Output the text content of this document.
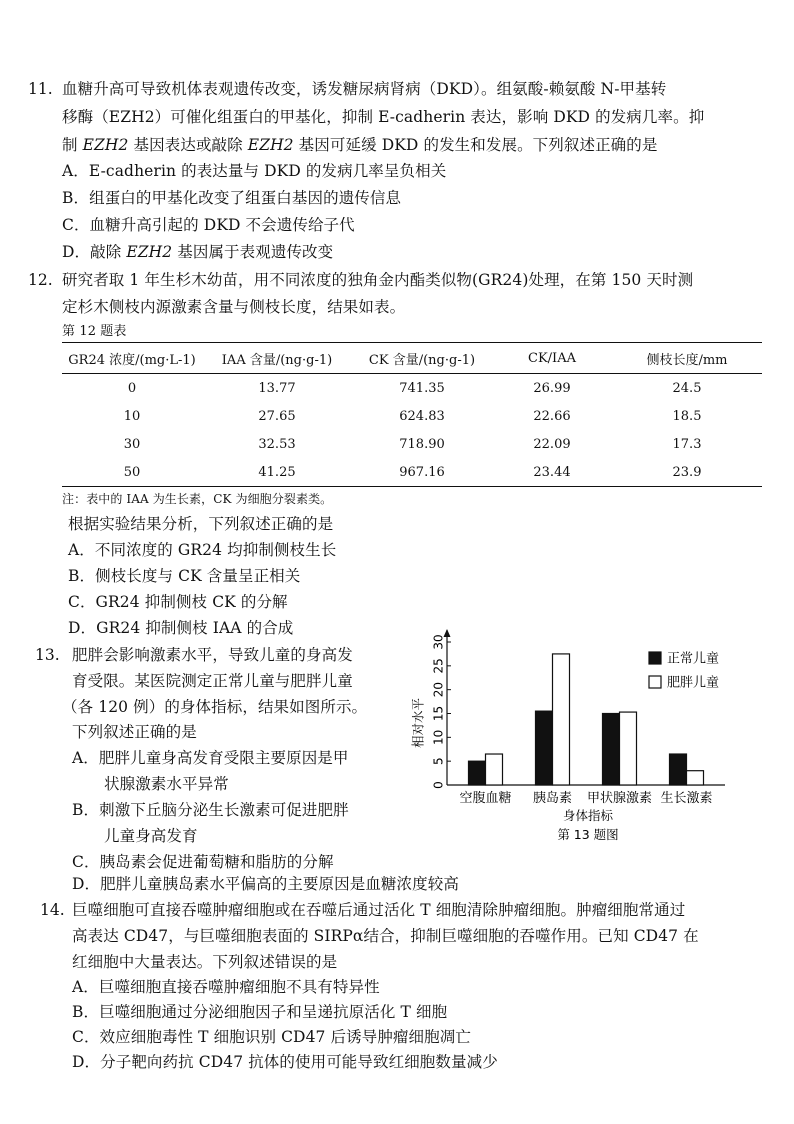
11. 血糖升高可导致机体表观遗传改变，诱发糖尿病肾病（DKD）。组氨酸-赖氨酸 N-甲基转
移酶（EZH2）可催化组蛋白的甲基化，抑制 E-cadherin 表达，影响 DKD 的发病几率。抑
制 EZH2 基因表达或敲除 EZH2 基因可延缓 DKD 的发生和发展。下列叙述正确的是
A．E-cadherin 的表达量与 DKD 的发病几率呈负相关
B．组蛋白的甲基化改变了组蛋白基因的遗传信息
C．血糖升高引起的 DKD 不会遗传给子代
D．敲除 EZH2 基因属于表观遗传改变
12. 研究者取 1 年生杉木幼苗，用不同浓度的独角金内酯类似物(GR24)处理，在第 150 天时测
定杉木侧枝内源激素含量与侧枝长度，结果如表。
第 12 题表
GR24 浓度/(mg·L-1)	IAA 含量/(ng·g-1)	CK 含量/(ng·g-1)	CK/IAA	侧枝长度/mm
0	13.77	741.35	26.99	24.5
10	27.65	624.83	22.66	18.5
30	32.53	718.90	22.09	17.3
50	41.25	967.16	23.44	23.9
注：表中的 IAA 为生长素，CK 为细胞分裂素类。
根据实验结果分析，下列叙述正确的是
A．不同浓度的 GR24 均抑制侧枝生长
B．侧枝长度与 CK 含量呈正相关
C．GR24 抑制侧枝 CK 的分解
D．GR24 抑制侧枝 IAA 的合成
13. 肥胖会影响激素水平，导致儿童的身高发
育受限。某医院测定正常儿童与肥胖儿童
（各 120 例）的身体指标，结果如图所示。
下列叙述正确的是
A．肥胖儿童身高发育受限主要原因是甲
状腺激素水平异常
B．刺激下丘脑分泌生长激素可促进肥胖
儿童身高发育
C．胰岛素会促进葡萄糖和脂肪的分解
D．肥胖儿童胰岛素水平偏高的主要原因是血糖浓度较高
0
5
10
15
20
25
30
相对水平
空腹血糖 胰岛素 甲状腺激素 生长激素
身体指标
第 13 题图
正常儿童
肥胖儿童
14. 巨噬细胞可直接吞噬肿瘤细胞或在吞噬后通过活化 T 细胞清除肿瘤细胞。肿瘤细胞常通过
高表达 CD47，与巨噬细胞表面的 SIRPα结合，抑制巨噬细胞的吞噬作用。已知 CD47 在
红细胞中大量表达。下列叙述错误的是
A．巨噬细胞直接吞噬肿瘤细胞不具有特异性
B．巨噬细胞通过分泌细胞因子和呈递抗原活化 T 细胞
C．效应细胞毒性 T 细胞识别 CD47 后诱导肿瘤细胞凋亡
D．分子靶向药抗 CD47 抗体的使用可能导致红细胞数量减少
